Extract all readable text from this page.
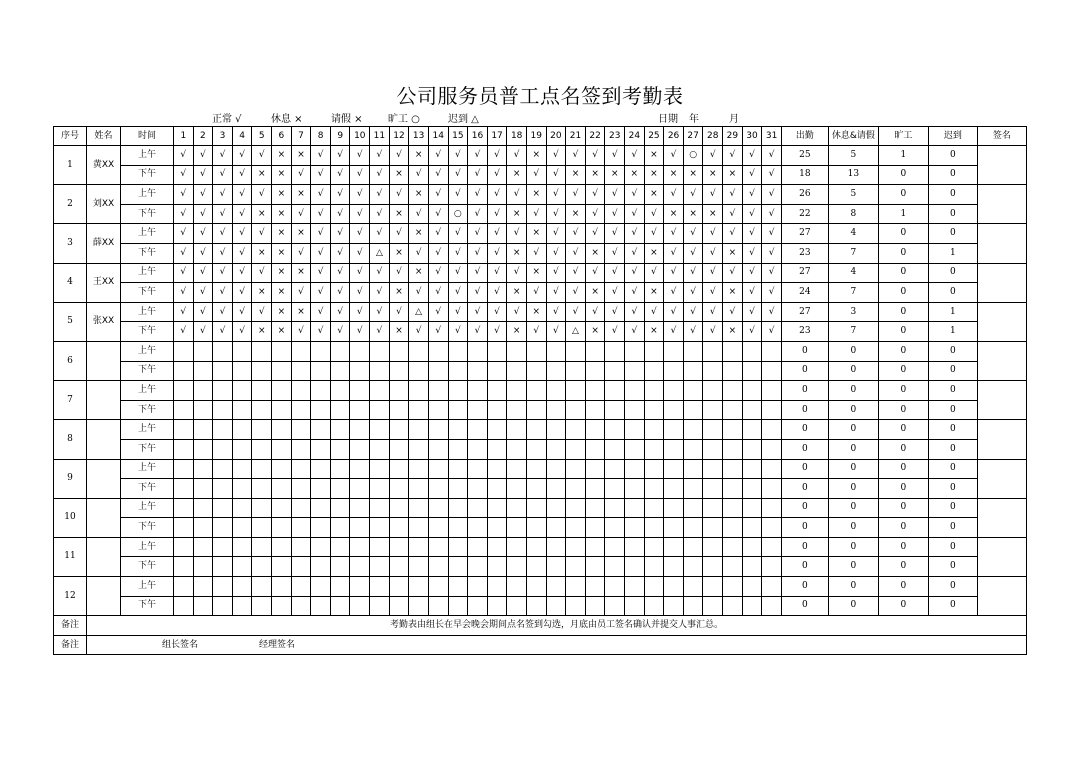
公司服务员普工点名签到考勤表
正常 √	休息 ×	请假 ×	旷工 ○	迟到 △	日期 年	月
序号	姓名	时间	1	2	3	4	5	6	7	8	9	10	11	12	13	14	15	16	17	18	19	20	21	22	23	24	25	26	27	28	29	30	31	出勤	休息&请假	旷工	迟到	签名
1	黄XX	上午	√	√	√	√	√	×	×	√	√	√	√	√	×	√	√	√	√	√	×	√	√	√	√	√	×	√	○	√	√	√	√	25	5	1	0	
		下午	√	√	√	√	×	×	√	√	√	√	√	×	√	√	√	√	√	×	√	√	×	×	×	×	×	×	×	×	×	√	√	18	13	0	0	
2	刘XX	上午	√	√	√	√	√	×	×	√	√	√	√	√	×	√	√	√	√	√	×	√	√	√	√	√	×	√	√	√	√	√	√	26	5	0	0	
		下午	√	√	√	√	×	×	√	√	√	√	√	×	√	√	○	√	√	×	√	√	×	√	√	√	√	×	×	×	√	√	√	22	8	1	0	
3	薛XX	上午	√	√	√	√	√	×	×	√	√	√	√	√	×	√	√	√	√	√	×	√	√	√	√	√	√	√	√	√	√	√	√	27	4	0	0	
		下午	√	√	√	√	×	×	√	√	√	√	△	×	√	√	√	√	√	×	√	√	√	×	√	√	×	√	√	√	×	√	√	23	7	0	1	
4	王XX	上午	√	√	√	√	√	×	×	√	√	√	√	√	×	√	√	√	√	√	×	√	√	√	√	√	√	√	√	√	√	√	√	27	4	0	0	
		下午	√	√	√	√	×	×	√	√	√	√	√	×	√	√	√	√	√	×	√	√	√	×	√	√	×	√	√	√	×	√	√	24	7	0	0	
5	张XX	上午	√	√	√	√	√	×	×	√	√	√	√	√	△	√	√	√	√	√	×	√	√	√	√	√	√	√	√	√	√	√	√	27	3	0	1	
		下午	√	√	√	√	×	×	√	√	√	√	√	×	√	√	√	√	√	×	√	√	△	×	√	√	×	√	√	√	×	√	√	23	7	0	1	
6		上午																																0	0	0	0	
		下午																																0	0	0	0	
7		上午																																0	0	0	0	
		下午																																0	0	0	0	
8		上午																																0	0	0	0	
		下午																																0	0	0	0	
9		上午																																0	0	0	0	
		下午																																0	0	0	0	
10		上午																																0	0	0	0	
		下午																																0	0	0	0	
11		上午																																0	0	0	0	
		下午																																0	0	0	0	
12		上午																																0	0	0	0	
		下午																																0	0	0	0	
备注	考勤表由组长在早会晚会期间点名签到勾选，月底由员工签名确认并提交人事汇总。																																					
备注	组长签名 经理签名																																					
